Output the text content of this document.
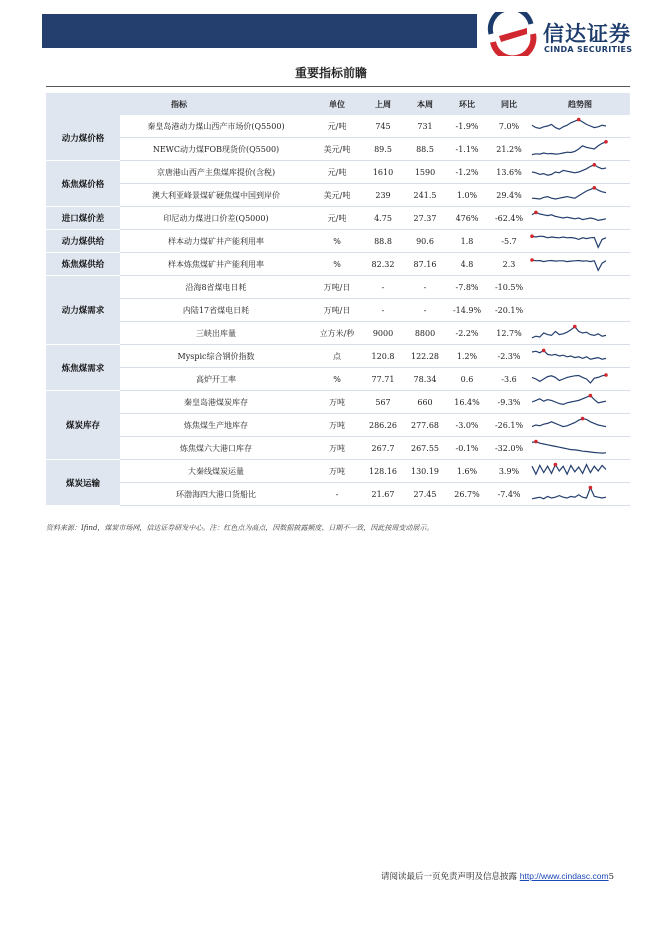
信达证券
CINDA SECURITIES
重要指标前瞻
指标		单位	上周	本周	环比	同比	趋势图
动力煤价格	秦皇岛港动力煤山西产市场价(Q5500)	元/吨	745	731	-1.9%	7.0%	

	NEWC动力煤FOB现货价(Q5500)	美元/吨	89.5	88.5	-1.1%	21.2%	

炼焦煤价格	京唐港山西产主焦煤库提价(含税)	元/吨	1610	1590	-1.2%	13.6%	

	澳大利亚峰景煤矿硬焦煤中国到岸价	美元/吨	239	241.5	1.0%	29.4%	

进口煤价差	印尼动力煤进口价差(Q5000)	元/吨	4.75	27.37	476%	-62.4%	

动力煤供给	样本动力煤矿井产能利用率	%	88.8	90.6	1.8	-5.7	

炼焦煤供给	样本炼焦煤矿井产能利用率	%	82.32	87.16	4.8	2.3	

动力煤需求	沿海8省煤电日耗	万吨/日	-	-	-7.8%	-10.5%	
	内陆17省煤电日耗	万吨/日	-	-	-14.9%	-20.1%	
	三峡出库量	立方米/秒	9000	8800	-2.2%	12.7%	

炼焦煤需求	Myspic综合钢价指数	点	120.8	122.28	1.2%	-2.3%	

	高炉开工率	%	77.71	78.34	0.6	-3.6	

煤炭库存	秦皇岛港煤炭库存	万吨	567	660	16.4%	-9.3%	

	炼焦煤生产地库存	万吨	286.26	277.68	-3.0%	-26.1%	

	炼焦煤六大港口库存	万吨	267.7	267.55	-0.1%	-32.0%	

煤炭运输	大秦线煤炭运量	万吨	128.16	130.19	1.6%	3.9%	

	环渤海四大港口货船比	-	21.67	27.45	26.7%	-7.4%	
资料来源：Ifind，煤炭市场网，信达证券研发中心。注：红色点为高点，因数据披露频度、日期不一致，因此按周变动展示。
请阅读最后一页免责声明及信息披露 http://www.cindasc.com5
